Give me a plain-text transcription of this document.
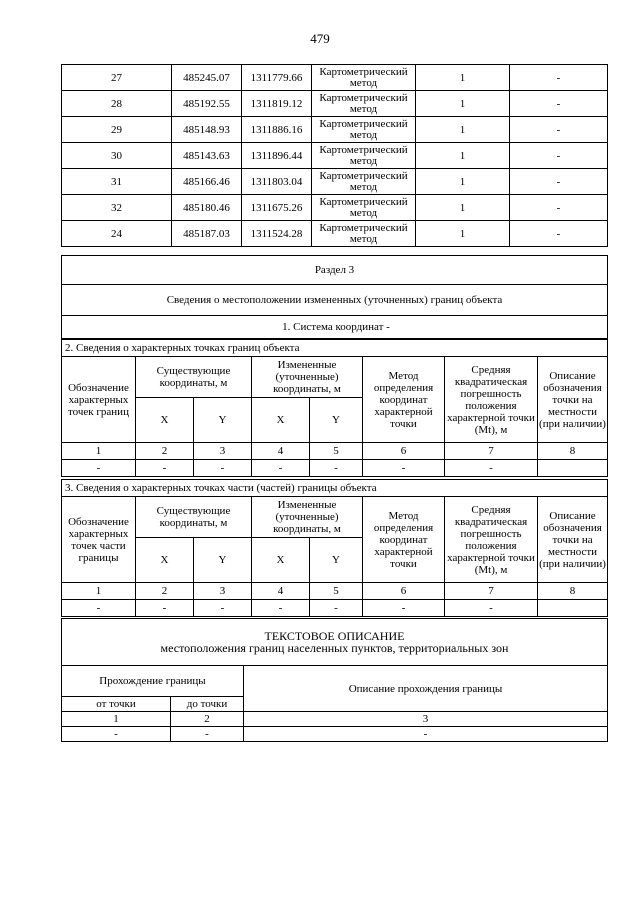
479
27	485245.07	1311779.66	Картометрический метод	1	-
28	485192.55	1311819.12	Картометрический метод	1	-
29	485148.93	1311886.16	Картометрический метод	1	-
30	485143.63	1311896.44	Картометрический метод	1	-
31	485166.46	1311803.04	Картометрический метод	1	-
32	485180.46	1311675.26	Картометрический метод	1	-
24	485187.03	1311524.28	Картометрический метод	1	-
Раздел 3
Сведения о местоположении измененных (уточненных) границ объекта
1. Система координат -
2. Сведения о характерных точках границ объекта							
Обозначение характерных точек границ	Существующие координаты, м		Измененные (уточненные) координаты, м		Метод определения координат характерной точки	Средняя квадратическая погрешность положения характерной точки (Mt), м	Описание обозначения точки на местности (при наличии)
	X	Y	X	Y			
1	2	3	4	5	6	7	8
-	-	-	-	-	-	-	
3. Сведения о характерных точках части (частей) границы объекта							
Обозначение характерных точек части границы	Существующие координаты, м		Измененные (уточненные) координаты, м		Метод определения координат характерной точки	Средняя квадратическая погрешность положения характерной точки (Mt), м	Описание обозначения точки на местности (при наличии)
	X	Y	X	Y			
1	2	3	4	5	6	7	8
-	-	-	-	-	-	-	
ТЕКСТОВОЕ ОПИСАНИЕ
местоположения границ населенных пунктов, территориальных зон		

Прохождение границы		Описание прохождения границы
от точки	до точки	
1	2	3
-	-	-
